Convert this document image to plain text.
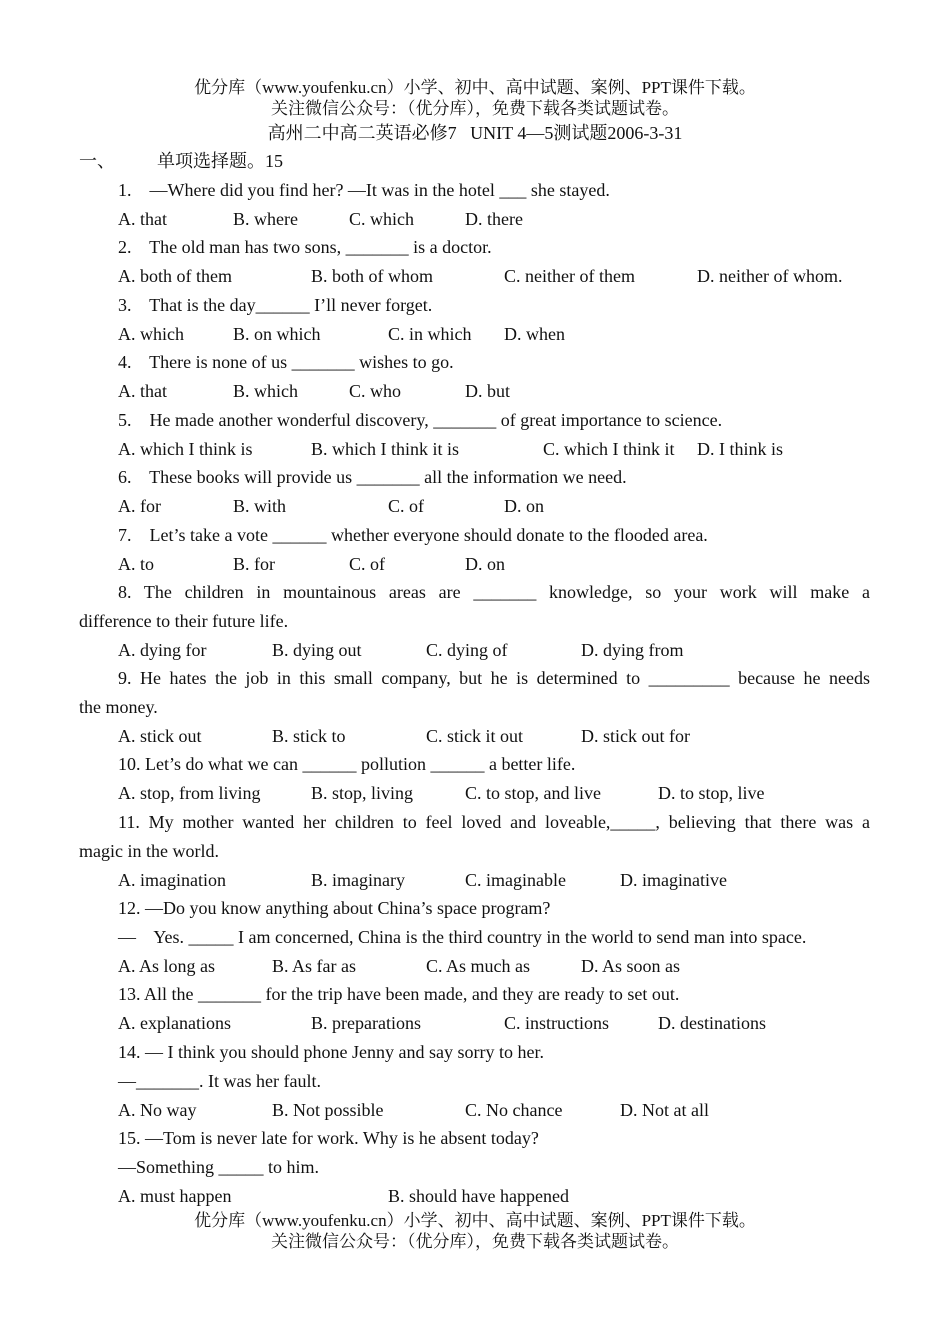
优分库（www.youfenku.cn）小学、初中、高中试题、案例、PPT课件下载。
关注微信公众号：（优分库），免费下载各类试题试卷。
高州二中高二英语必修7   UNIT 4—5测试题2006-3-31
一、 单项选择题。15
1.    —Where did you find her? —It was in the hotel ___ she stayed.
A. that	B. where	C. which	D. there
2.    The old man has two sons, _______ is a doctor.
A. both of them	B. both of whom	C. neither of them	D. neither of whom.
3.    That is the day______ I’ll never forget.
A. which	B. on which	C. in which D. when
4.    There is none of us _______ wishes to go.
A. that	B. which	C. who	D. but
5.    He made another wonderful discovery, _______ of great importance to science.
A. which I think is	B. which I think it is	C. which I think it D. I think is
6.    These books will provide us _______ all the information we need.
A. for	B. with	C. of	D. on
7.    Let’s take a vote ______ whether everyone should donate to the flooded area.
A. to	B. for	C. of	D. on
8. The children in mountainous areas are _______ knowledge, so your work will make a
difference to their future life.
A. dying for	B. dying out	C. dying of	D. dying from
9. He hates the job in this small company, but he is determined to _________ because he needs
the money.
A. stick out	B. stick to	C. stick it out	D. stick out for
10. Let’s do what we can ______ pollution ______ a better life.
A. stop, from living	B. stop, living	C. to stop, and live	D. to stop, live
11. My mother wanted her children to feel loved and loveable,_____, believing that there was a
magic in the world.
A. imagination	B. imaginary	C. imaginable	D. imaginative
12. —Do you know anything about China’s space program?
—    Yes. _____ I am concerned, China is the third country in the world to send man into space.
A. As long as	B. As far as	C. As much as	D. As soon as
13. All the _______ for the trip have been made, and they are ready to set out.
A. explanations	B. preparations	C. instructions	D. destinations
14. — I think you should phone Jenny and say sorry to her.
—_______. It was her fault.
A. No way	B. Not possible	C. No chance	D. Not at all
15. —Tom is never late for work. Why is he absent today?
—Something _____ to him.
A. must happen	B. should have happened
优分库（www.youfenku.cn）小学、初中、高中试题、案例、PPT课件下载。
关注微信公众号：（优分库），免费下载各类试题试卷。
